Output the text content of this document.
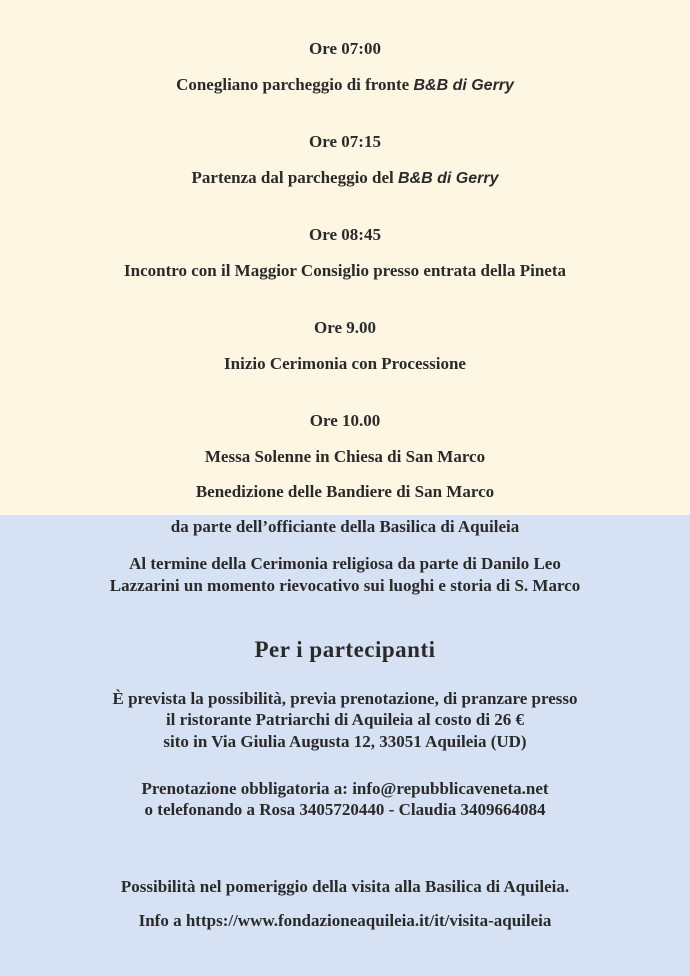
Ore 07:00
Conegliano parcheggio di fronte B&B di Gerry
Ore 07:15
Partenza dal parcheggio del B&B di Gerry
Ore 08:45
Incontro con il Maggior Consiglio presso entrata della Pineta
Ore 9.00
Inizio Cerimonia con Processione
Ore 10.00
Messa Solenne in Chiesa di San Marco
Benedizione delle Bandiere di San Marco
da parte dell’officiante della Basilica di Aquileia
Al termine della Cerimonia religiosa da parte di Danilo Leo
Lazzarini un momento rievocativo sui luoghi e storia di S. Marco
Per i partecipanti
È prevista la possibilità, previa prenotazione, di pranzare presso
il ristorante Patriarchi di Aquileia al costo di 26 €
sito in Via Giulia Augusta 12, 33051 Aquileia (UD)
Prenotazione obbligatoria a: info@repubblicaveneta.net
o telefonando a Rosa 3405720440 - Claudia 3409664084
Possibilità nel pomeriggio della visita alla Basilica di Aquileia.
Info a https://www.fondazioneaquileia.it/it/visita-aquileia
